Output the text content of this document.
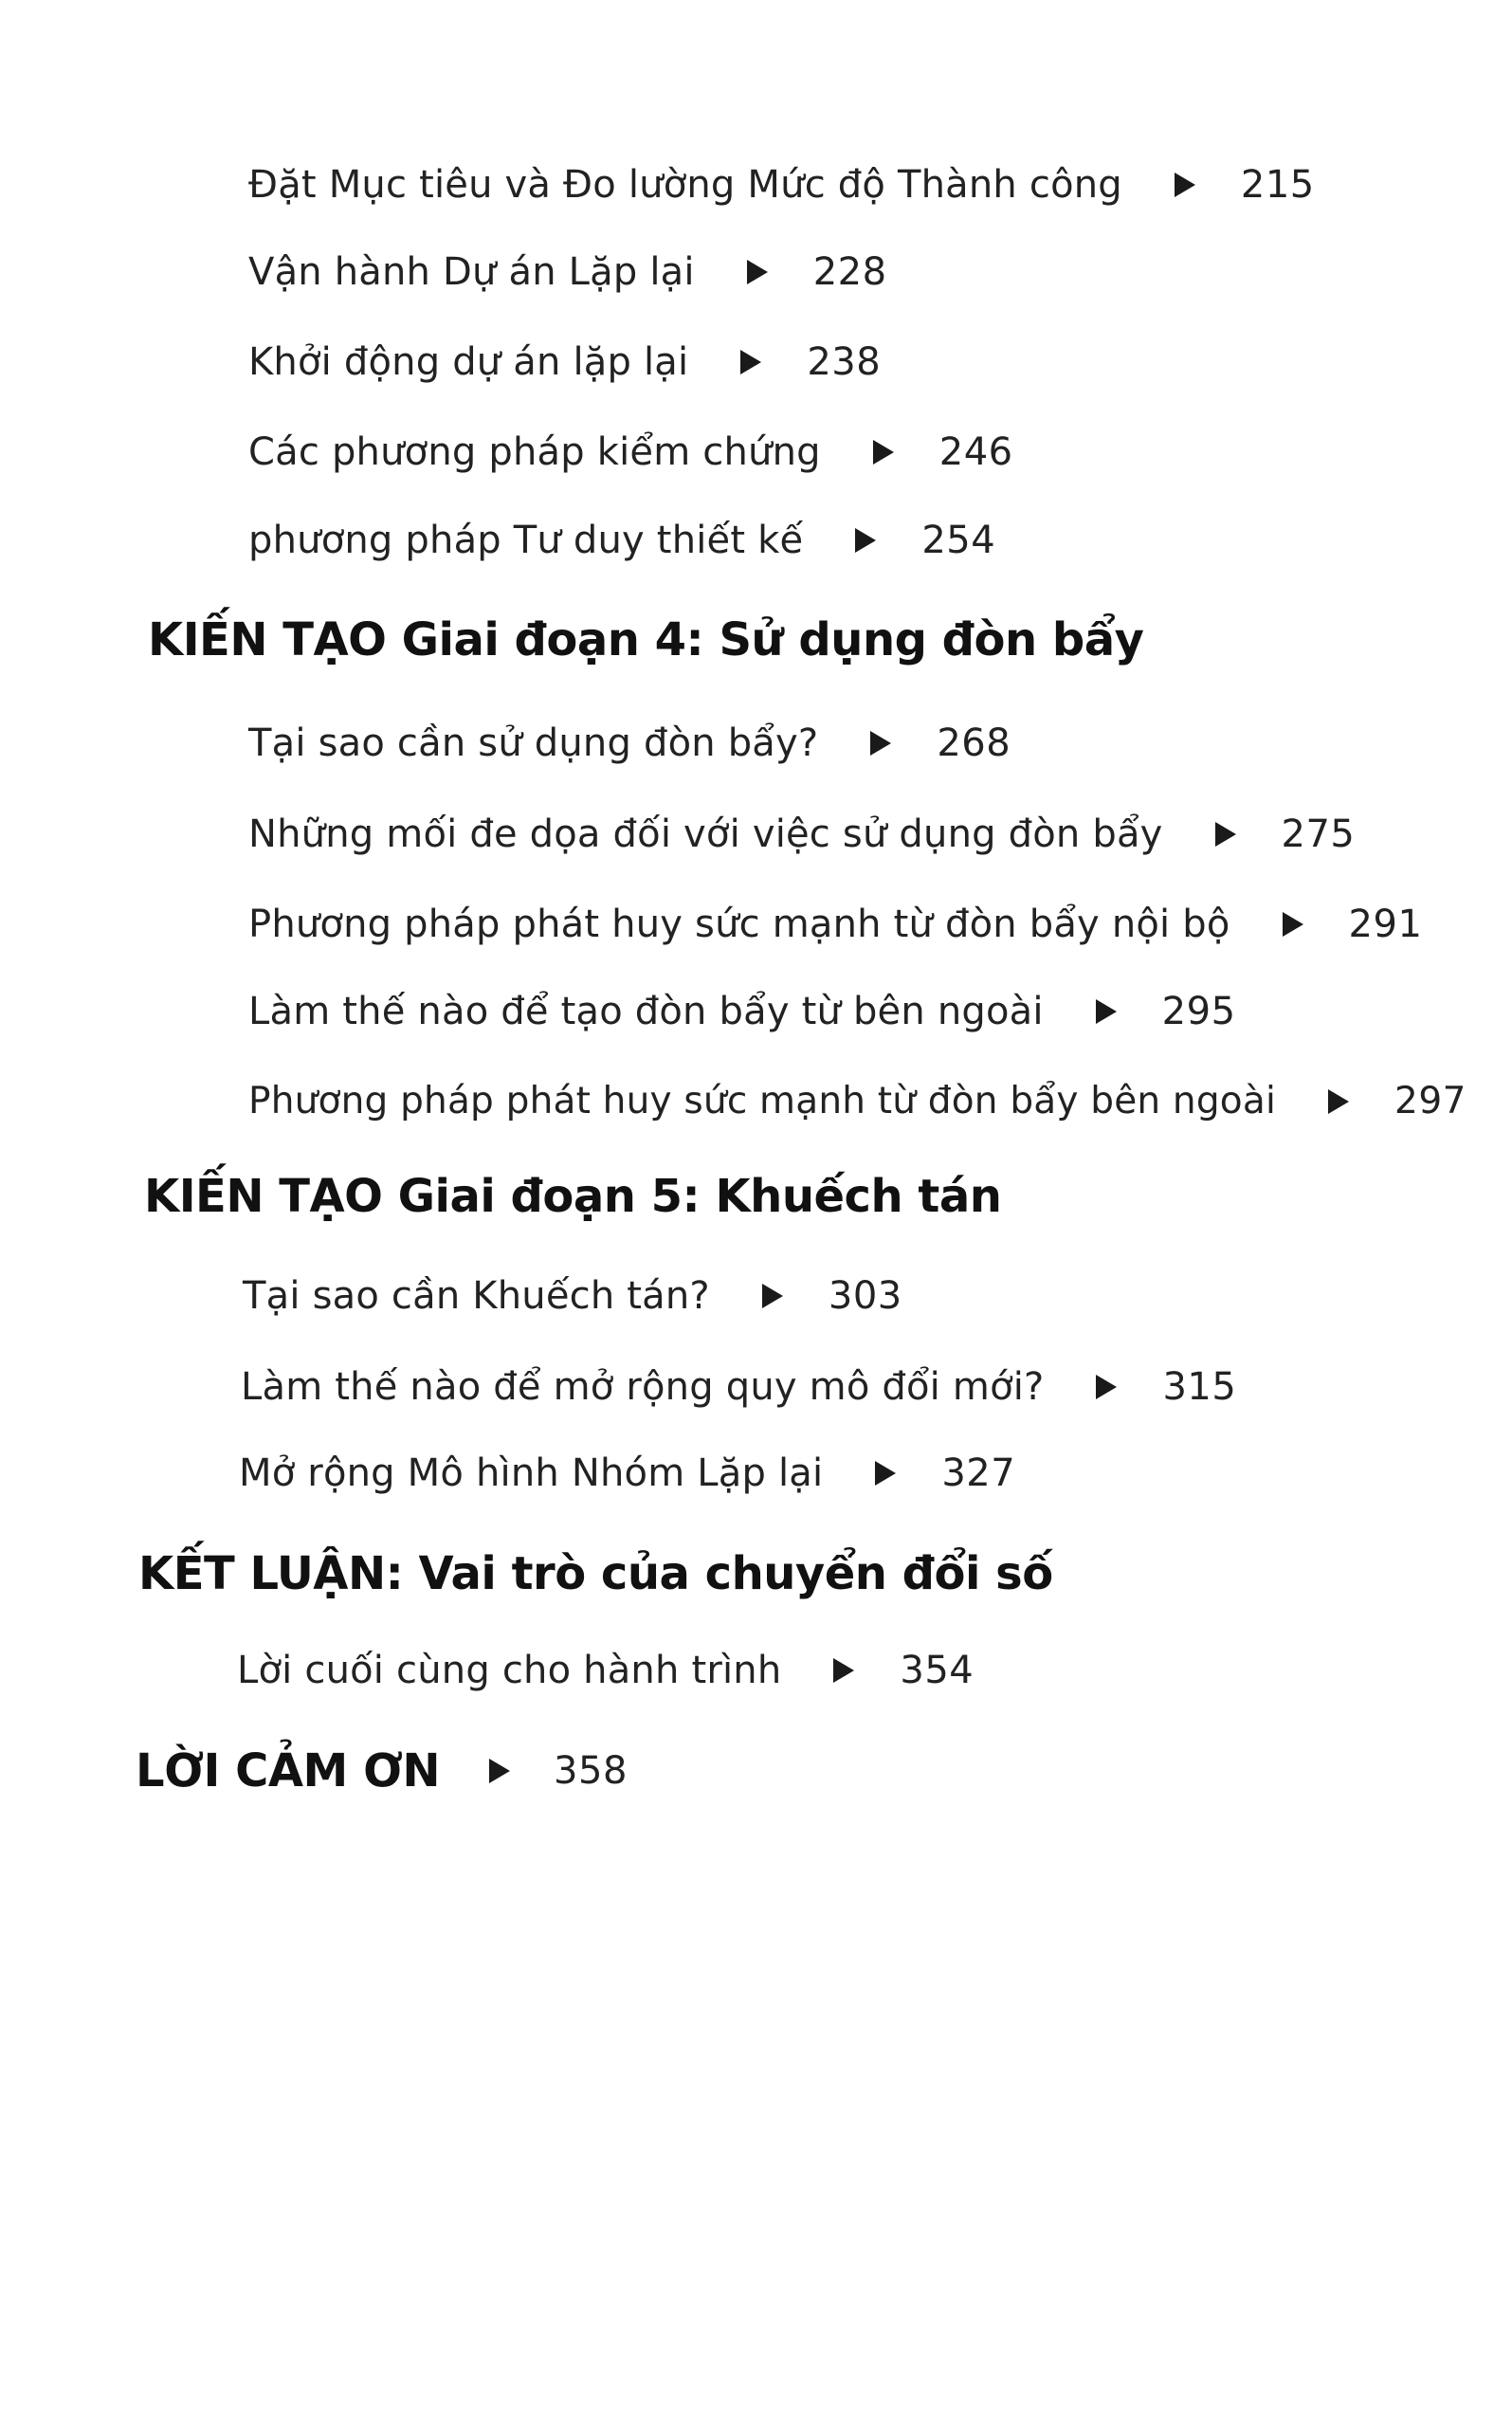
Đặt Mục tiêu và Đo lường Mức độ Thành công	215
Vận hành Dự án Lặp lại	228
Khởi động dự án lặp lại	238
Các phương pháp kiểm chứng	246
phương pháp Tư duy thiết kế	254
KIẾN TẠO Giai đoạn 4: Sử dụng đòn bẩy
Tại sao cần sử dụng đòn bẩy?	268
Những mối đe dọa đối với việc sử dụng đòn bẩy	275
Phương pháp phát huy sức mạnh từ đòn bẩy nội bộ	291
Làm thế nào để tạo đòn bẩy từ bên ngoài	295
Phương pháp phát huy sức mạnh từ đòn bẩy bên ngoài	297
KIẾN TẠO Giai đoạn 5: Khuếch tán
Tại sao cần Khuếch tán?	303
Làm thế nào để mở rộng quy mô đổi mới?	315
Mở rộng Mô hình Nhóm Lặp lại	327
KẾT LUẬN: Vai trò của chuyển đổi số
Lời cuối cùng cho hành trình	354
LỜI CẢM ƠN	358
